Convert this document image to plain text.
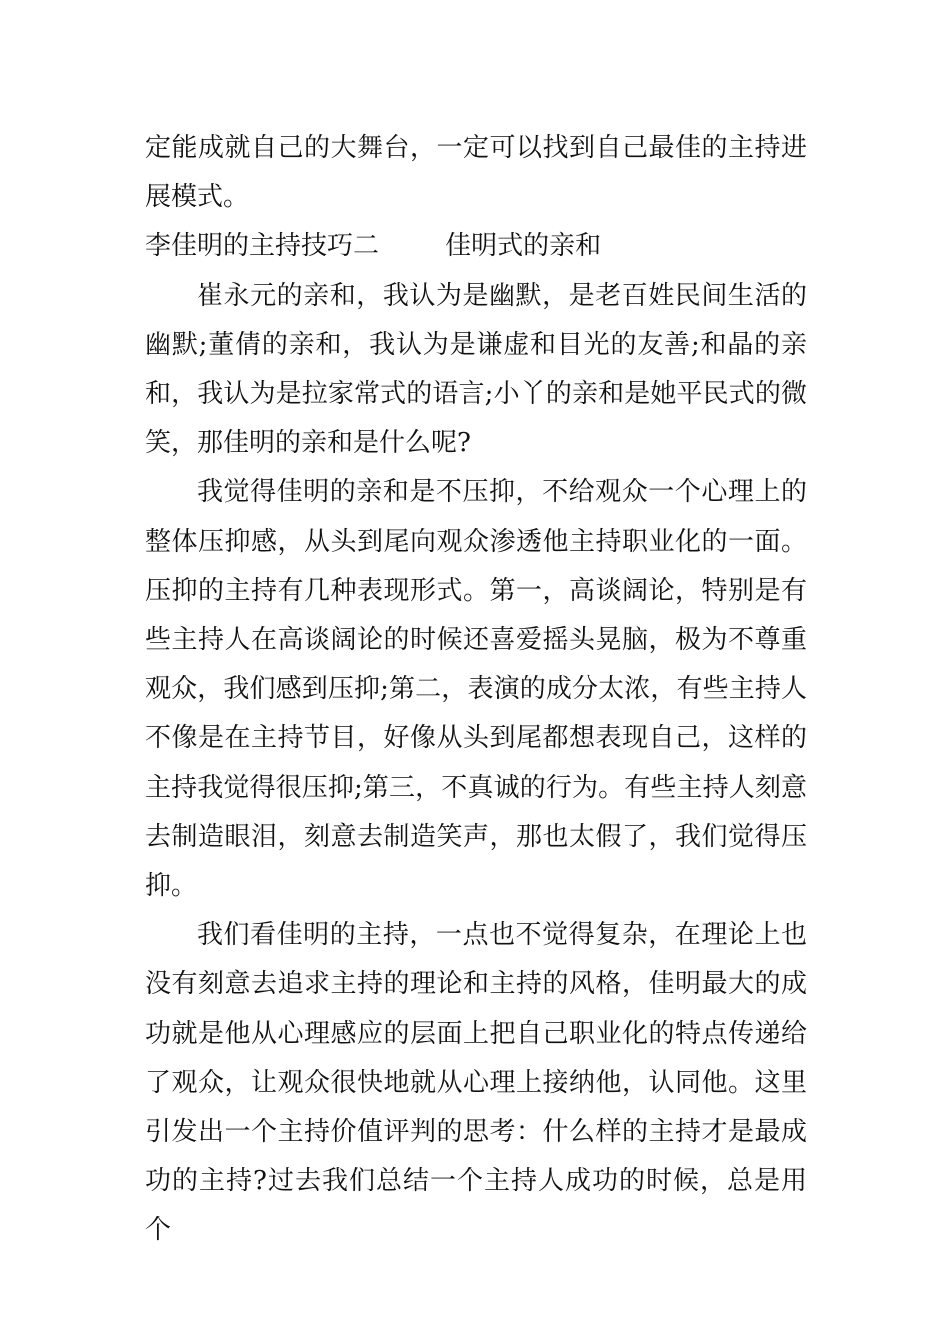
定能成就自己的大舞台，一定可以找到自己最佳的主持进展模式。

李佳明的主持技巧二        佳明式的亲和

崔永元的亲和，我认为是幽默，是老百姓民间生活的幽默;董倩的亲和，我认为是谦虚和目光的友善;和晶的亲和，我认为是拉家常式的语言;小丫的亲和是她平民式的微笑，那佳明的亲和是什么呢?

我觉得佳明的亲和是不压抑，不给观众一个心理上的整体压抑感，从头到尾向观众渗透他主持职业化的一面。压抑的主持有几种表现形式。第一，高谈阔论，特别是有些主持人在高谈阔论的时候还喜爱摇头晃脑，极为不尊重观众，我们感到压抑;第二，表演的成分太浓，有些主持人不像是在主持节目，好像从头到尾都想表现自己，这样的主持我觉得很压抑;第三，不真诚的行为。有些主持人刻意去制造眼泪，刻意去制造笑声，那也太假了，我们觉得压抑。

我们看佳明的主持，一点也不觉得复杂，在理论上也没有刻意去追求主持的理论和主持的风格，佳明最大的成功就是他从心理感应的层面上把自己职业化的特点传递给了观众，让观众很快地就从心理上接纳他，认同他。这里引发出一个主持价值评判的思考：什么样的主持才是最成功的主持?过去我们总结一个主持人成功的时候，总是用个
